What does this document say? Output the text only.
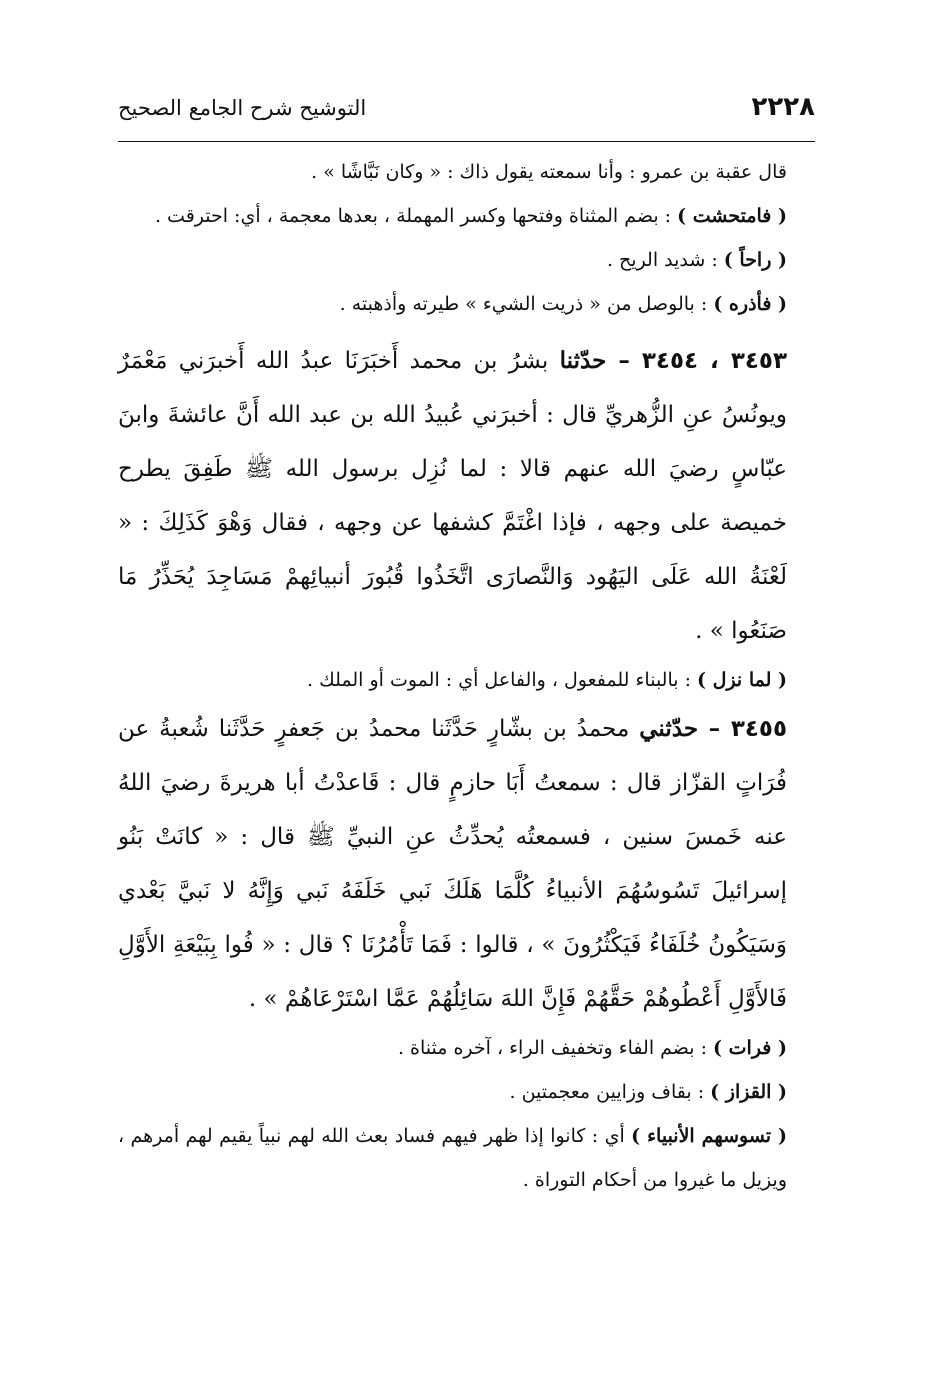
٢٢٢٨
التوشيح شرح الجامع الصحيح

قال عقبة بن عمرو : وأنا سمعته يقول ذاك : « وكان نَبَّاشًا » .

( فامتحشت ) : بضم المثناة وفتحها وكسر المهملة ، بعدها معجمة ، أي: احترقت .

( راحاً ) : شديد الريح .

( فأذره ) : بالوصل من « ذريت الشيء » طيرته وأذهبته .

٣٤٥٣ ، ٣٤٥٤ – حدّثنا بشرُ بن محمد أَخبَرَنَا عبدُ الله أَخبرَني مَعْمَرٌ ويونُسُ عنِ الزُّهريِّ قال : أخبرَني عُبيدُ الله بن عبد الله أَنَّ عائشةَ وابنَ عبّاسٍ رضيَ الله عنهم قالا : لما نُزِل برسول الله ﷺ طَفِقَ يطرح خميصة على وجهه ، فإذا اغْتَمَّ كشفها عن وجهه ، فقال وَهْوَ كَذَلِكَ : « لَعْنَةُ الله عَلَى اليَهُود وَالنَّصارَى اتَّخَذُوا قُبُورَ أنبيائِهمْ مَسَاجِدَ يُحَذِّرُ مَا صَنَعُوا » .

( لما نزل ) : بالبناء للمفعول ، والفاعل أي : الموت أو الملك .

٣٤٥٥ – حدّثني محمدُ بن بشّارٍ حَدَّثَنا محمدُ بن جَعفرٍ حَدَّثَنا شُعبةُ عن فُرَاتٍ القزّاز قال : سمعتُ أَبَا حازمٍ قال : قَاعدْتُ أبا هريرةَ رضيَ اللهُ عنه خَمسَ سنين ، فسمعتُه يُحدِّثُ عنِ النبيِّ ﷺ قال : « كانَتْ بَنُو إسرائيلَ تَسُوسُهُمَ الأنبياءُ كُلَّمَا هَلَكَ نَبي خَلَفَهُ نَبي وَإِنَّهُ لا نَبيَّ بَعْدي وَسَيَكُونُ خُلَفَاءُ فَيَكْثُرُونَ » ، قالوا : فَمَا تَأْمُرُنَا ؟ قال : « فُوا بِبَيْعَةِ الأَوَّلِ فَالأَوَّلِ أَعْطُوهُمْ حَقَّهُمْ فَإِنَّ اللهَ سَائِلُهُمْ عَمَّا اسْتَرْعَاهُمْ » .

( فرات ) : بضم الفاء وتخفيف الراء ، آخره مثناة .

( القزاز ) : بقاف وزايين معجمتين .

( تسوسهم الأنبياء ) أي : كانوا إذا ظهر فيهم فساد بعث الله لهم نبياً يقيم لهم أمرهم ، ويزيل ما غيروا من أحكام التوراة .
